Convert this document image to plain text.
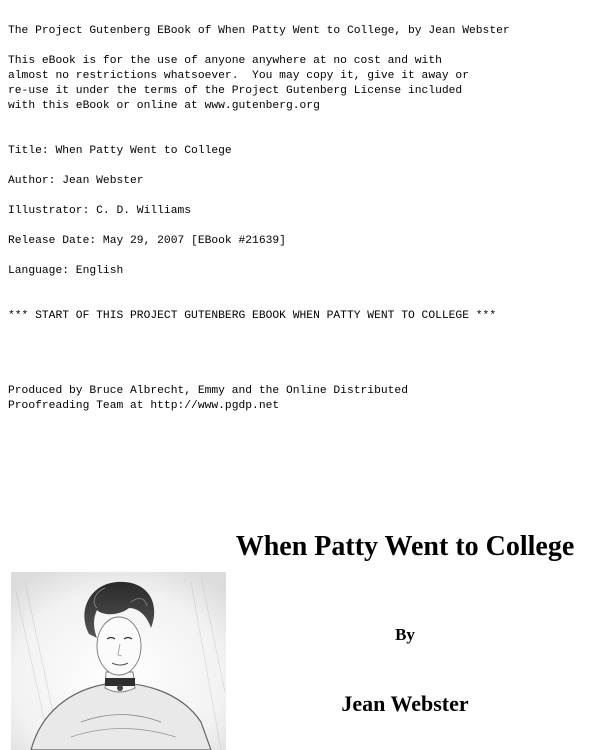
The Project Gutenberg EBook of When Patty Went to College, by Jean Webster
This eBook is for the use of anyone anywhere at no cost and with
almost no restrictions whatsoever.  You may copy it, give it away or
re-use it under the terms of the Project Gutenberg License included
with this eBook or online at www.gutenberg.org
Title: When Patty Went to College
Author: Jean Webster
Illustrator: C. D. Williams
Release Date: May 29, 2007 [EBook #21639]
Language: English
*** START OF THIS PROJECT GUTENBERG EBOOK WHEN PATTY WENT TO COLLEGE ***
Produced by Bruce Albrecht, Emmy and the Online Distributed
Proofreading Team at http://www.pgdp.net
When Patty Went to College
By
Jean Webster
